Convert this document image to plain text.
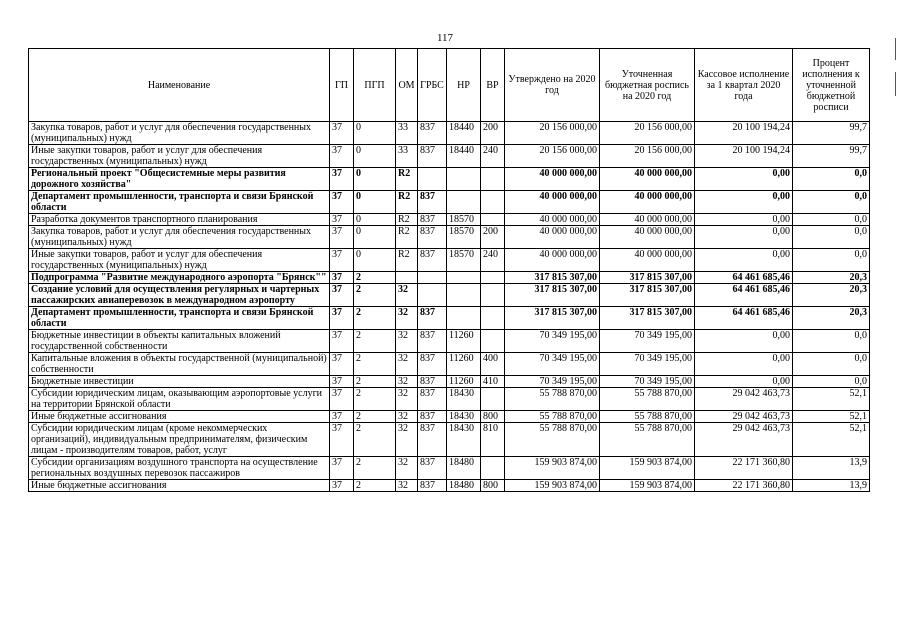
117
Наименование	ГП	ПГП	ОМ	ГРБС	НР	ВР	Утверждено на 2020 год	Уточненная бюджетная роспись на 2020 год	Кассовое исполнение за 1 квартал 2020 года	Процент исполнения к уточненной бюджетной росписи
Закупка товаров, работ и услуг для обеспечения государственных (муниципальных) нужд	37	0	33	837	18440	200	20 156 000,00	20 156 000,00	20 100 194,24	99,7
Иные закупки товаров, работ и услуг для обеспечения государственных (муниципальных) нужд	37	0	33	837	18440	240	20 156 000,00	20 156 000,00	20 100 194,24	99,7
Региональный проект "Общесистемные меры развития дорожного хозяйства"	37	0	R2				40 000 000,00	40 000 000,00	0,00	0,0
Департамент промышленности, транспорта и связи Брянской области	37	0	R2	837			40 000 000,00	40 000 000,00	0,00	0,0
Разработка документов транспортного планирования	37	0	R2	837	18570		40 000 000,00	40 000 000,00	0,00	0,0
Закупка товаров, работ и услуг для обеспечения государственных (муниципальных) нужд	37	0	R2	837	18570	200	40 000 000,00	40 000 000,00	0,00	0,0
Иные закупки товаров, работ и услуг для обеспечения государственных (муниципальных) нужд	37	0	R2	837	18570	240	40 000 000,00	40 000 000,00	0,00	0,0
Подпрограмма "Развитие международного аэропорта "Брянск""	37	2					317 815 307,00	317 815 307,00	64 461 685,46	20,3
Создание условий для осуществления регулярных и чартерных пассажирских авиаперевозок в международном аэропорту	37	2	32				317 815 307,00	317 815 307,00	64 461 685,46	20,3
Департамент промышленности, транспорта и связи Брянской области	37	2	32	837			317 815 307,00	317 815 307,00	64 461 685,46	20,3
Бюджетные инвестиции в объекты капитальных вложений государственной собственности	37	2	32	837	11260		70 349 195,00	70 349 195,00	0,00	0,0
Капитальные вложения в объекты государственной (муниципальной) собственности	37	2	32	837	11260	400	70 349 195,00	70 349 195,00	0,00	0,0
Бюджетные инвестиции	37	2	32	837	11260	410	70 349 195,00	70 349 195,00	0,00	0,0
Субсидии юридическим лицам, оказывающим аэропортовые услуги на территории Брянской области	37	2	32	837	18430		55 788 870,00	55 788 870,00	29 042 463,73	52,1
Иные бюджетные ассигнования	37	2	32	837	18430	800	55 788 870,00	55 788 870,00	29 042 463,73	52,1
Субсидии юридическим лицам (кроме некоммерческих организаций), индивидуальным предпринимателям, физическим лицам - производителям товаров, работ, услуг	37	2	32	837	18430	810	55 788 870,00	55 788 870,00	29 042 463,73	52,1
Субсидии организациям воздушного транспорта на осуществление региональных воздушных перевозок пассажиров	37	2	32	837	18480		159 903 874,00	159 903 874,00	22 171 360,80	13,9
Иные бюджетные ассигнования	37	2	32	837	18480	800	159 903 874,00	159 903 874,00	22 171 360,80	13,9
